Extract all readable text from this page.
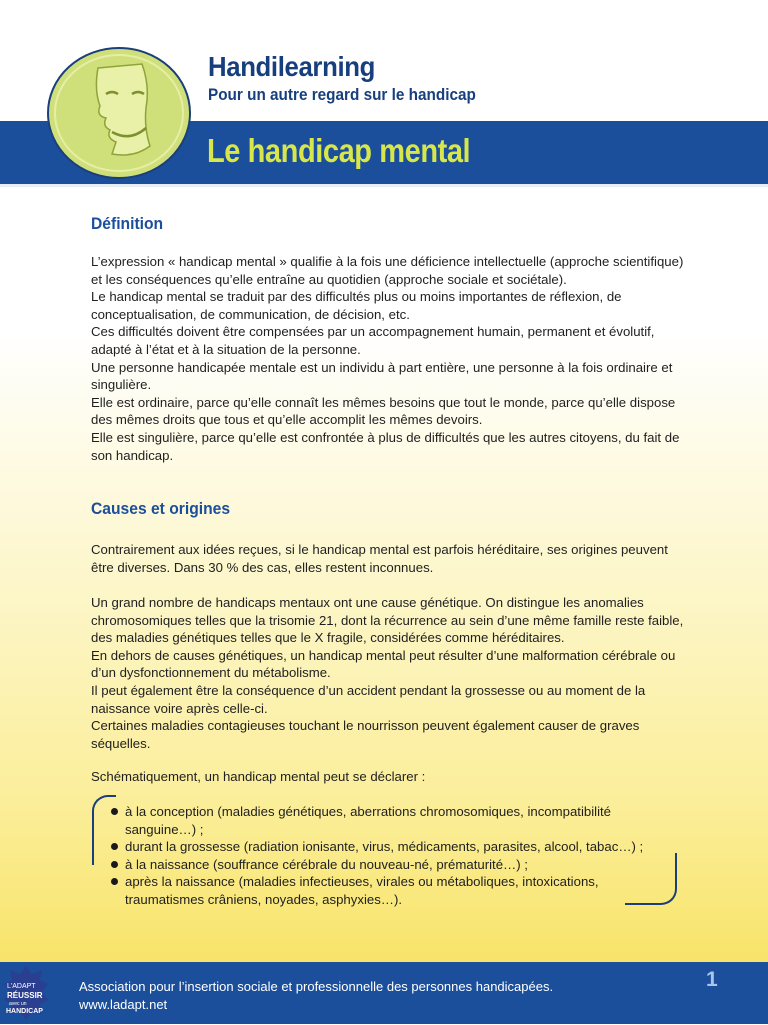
Handilearning

Pour un autre regard sur le handicap

Le handicap mental
Définition

L’expression « handicap mental » qualifie à la fois une déficience intellectuelle (approche scientifique) et les conséquences qu’elle entraîne au quotidien (approche sociale et sociétale).

Le handicap mental se traduit par des difficultés plus ou moins importantes de réflexion, de conceptualisation, de communication, de décision, etc.

Ces difficultés doivent être compensées par un accompagnement humain, permanent et évolutif, adapté à l’état et à la situation de la personne.

Une personne handicapée mentale est un individu à part entière, une personne à la fois ordinaire et singulière.

Elle est ordinaire, parce qu’elle connaît les mêmes besoins que tout le monde, parce qu’elle dispose des mêmes droits que tous et qu’elle accomplit les mêmes devoirs.

Elle est singulière, parce qu’elle est confrontée à plus de difficultés que les autres citoyens, du fait de son handicap.

Causes et origines

Contrairement aux idées reçues, si le handicap mental est parfois héréditaire, ses origines peuvent être diverses. Dans 30 % des cas, elles restent inconnues.

Un grand nombre de handicaps mentaux ont une cause génétique. On distingue les anomalies chromosomiques telles que la trisomie 21, dont la récurrence au sein d’une même famille reste faible, des maladies génétiques telles que le X fragile, considérées comme héréditaires.

En dehors de causes génétiques, un handicap mental peut résulter d’une malformation cérébrale ou d’un dysfonctionnement du métabolisme.

Il peut également être la conséquence d’un accident pendant la grossesse ou au moment de la naissance voire après celle-ci.

Certaines maladies contagieuses touchant le nourrisson peuvent également causer de graves séquelles.

Schématiquement, un handicap mental peut se déclarer :

à la conception (maladies génétiques, aberrations chromosomiques, incompatibilité sanguine…) ;
durant la grossesse (radiation ionisante, virus, médicaments, parasites, alcool, tabac…) ;
à la naissance (souffrance cérébrale du nouveau-né, prématurité…) ;
après la naissance (maladies infectieuses, virales ou métaboliques, intoxications, traumatismes crâniens, noyades, asphyxies…).
L'ADAPT
RÉUSSIR
avec un
HANDICAP

Association pour l’insertion sociale et professionnelle des personnes handicapées.

www.ladapt.net

1
